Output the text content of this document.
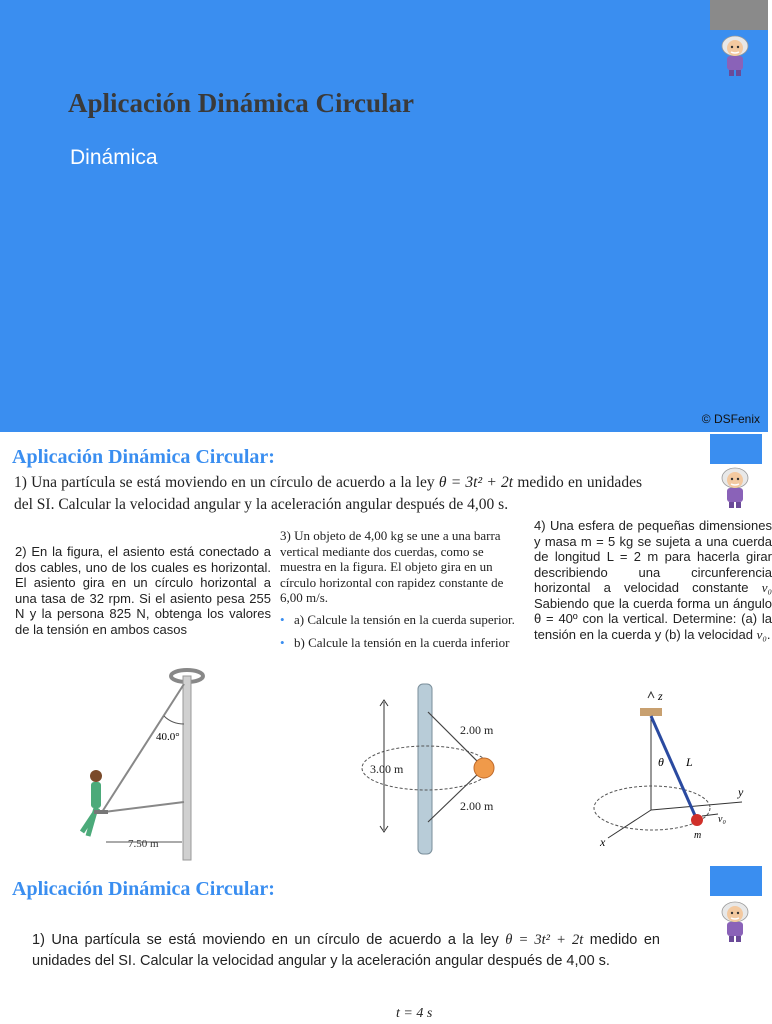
Aplicación Dinámica Circular
Dinámica
© DSFenix
Aplicación Dinámica Circular:

1) Una partícula se está moviendo en un círculo de acuerdo a la ley θ = 3t² + 2t medido en unidades del SI. Calcular la velocidad angular y la aceleración angular después de 4,00 s.

2) En la figura, el asiento está conectado a dos cables, uno de los cuales es horizontal. El asiento gira en un círculo horizontal a una tasa de 32 rpm. Si el asiento pesa 255 N y la persona 825 N, obtenga los valores de la tensión en ambos casos

3) Un objeto de 4,00 kg se une a una barra vertical mediante dos cuerdas, como se muestra en la figura. El objeto gira en un círculo horizontal con rapidez constante de 6,00 m/s.

• a) Calcule la tensión en la cuerda superior.
• b) Calcule la tensión en la cuerda inferior

4) Una esfera de pequeñas dimensiones y masa m = 5 kg se sujeta a una cuerda de longitud L = 2 m para hacerla girar describiendo una circunferencia horizontal a velocidad constante v₀ Sabiendo que la cuerda forma un ángulo θ = 40º con la vertical. Determine: (a) la tensión en la cuerda y (b) la velocidad v₀.

40.0°
7.50 m
3.00 m
2.00 m
2.00 m
z
y
x
θ L
v₀
m
Aplicación Dinámica Circular:

1) Una partícula se está moviendo en un círculo de acuerdo a la ley θ = 3t² + 2t medido en unidades del SI. Calcular la velocidad angular y la aceleración angular después de 4,00 s.

t = 4 s
